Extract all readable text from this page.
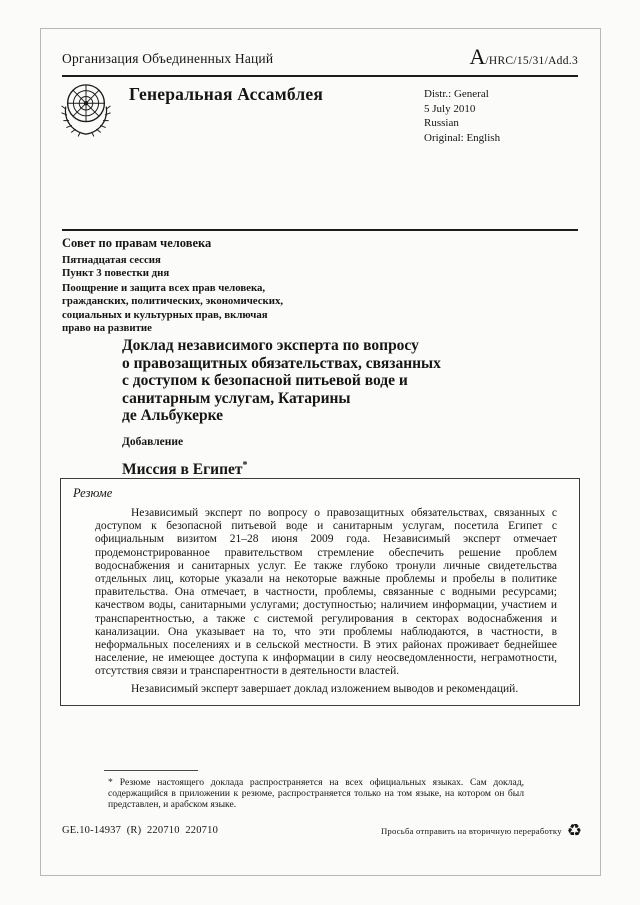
Организация Объединенных Наций	A /HRC/15/31/Add.3
Генеральная Ассамблея	Distr.: General
5 July 2010
Russian
Original: English
Совет по правам человека
Пятнадцатая сессия
Пункт 3 повестки дня
Поощрение и защита всех прав человека,
гражданских, политических, экономических,
социальных и культурных прав, включая
право на развитие
Доклад независимого эксперта по вопросу
о правозащитных обязательствах, связанных
с доступом к безопасной питьевой воде и
санитарным услугам, Катарины
де Альбукерке
Добавление
Миссия в Египет*
Резюме

Независимый эксперт по вопросу о правозащитных обязательствах, связанных с доступом к безопасной питьевой воде и санитарным услугам, посетила Египет с официальным визитом 21–28 июня 2009 года. Независимый эксперт отмечает продемонстрированное правительством стремление обеспечить решение проблем водоснабжения и санитарных услуг. Ее также глубоко тронули личные свидетельства отдельных лиц, которые указали на некоторые важные проблемы и пробелы в политике правительства. Она отмечает, в частности, проблемы, связанные с водными ресурсами; качеством воды, санитарными услугами; доступностью; наличием информации, участием и транспарентностью, а также с системой регулирования в секторах водоснабжения и канализации. Она указывает на то, что эти проблемы наблюдаются, в частности, в неформальных поселениях и в сельской местности. В этих районах проживает беднейшее население, не имеющее доступа к информации в силу неосведомленности, неграмотности, отсутствия связи и транспарентности в деятельности властей.

Независимый эксперт завершает доклад изложением выводов и рекомендаций.

* Резюме настоящего доклада распространяется на всех официальных языках. Сам доклад, содержащийся в приложении к резюме, распространяется только на том языке, на котором он был представлен, и арабском языке.

GE.10-14937  (R)  220710  220710	Просьба отправить на вторичную переработку ♻
